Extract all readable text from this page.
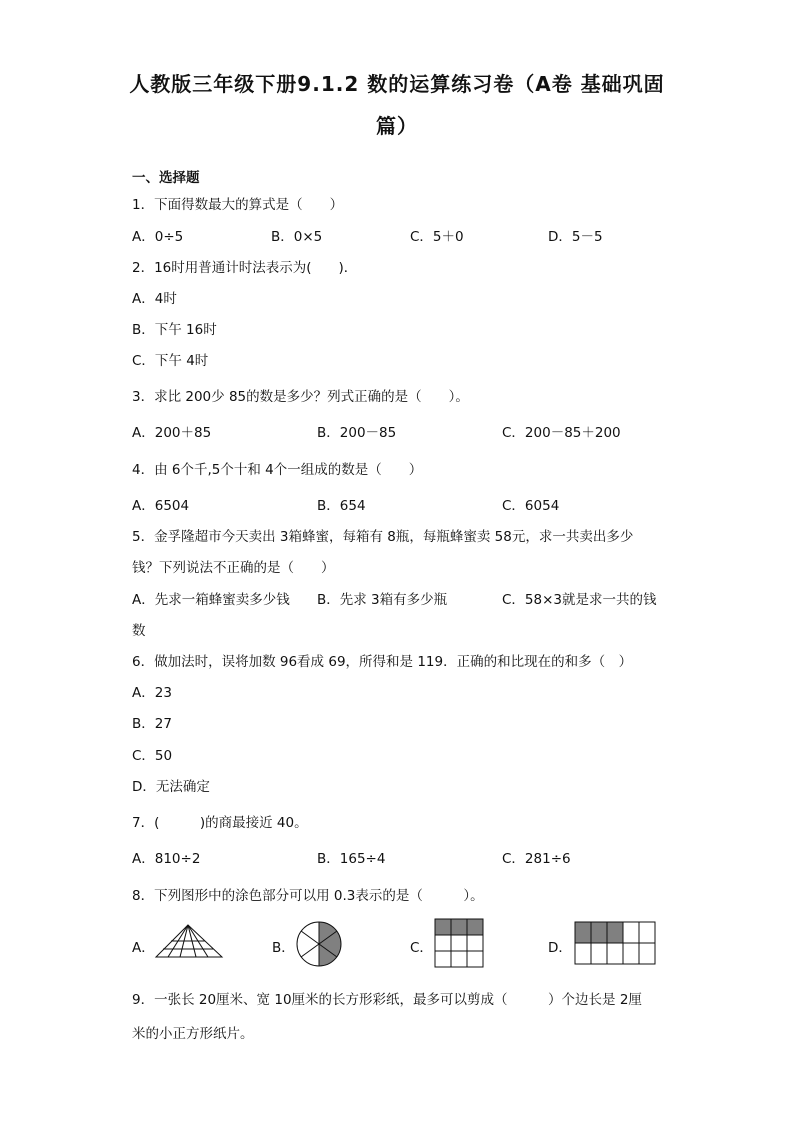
人教版三年级下册9.1.2 数的运算练习卷（A卷 基础巩固
篇）
一、选择题
1．下面得数最大的算式是（　　）
A．0÷5	B．0×5	C．5＋0	D．5－5
2．16时用普通计时法表示为(　　)．
A．4时
B．下午 16时
C．下午 4时
3．求比 200少 85的数是多少？列式正确的是（　　）。
A．200＋85	B．200－85	C．200－85＋200
4．由 6个千,5个十和 4个一组成的数是（　　）
A．6504	B．654	C．6054
5．金孚隆超市今天卖出 3箱蜂蜜，每箱有 8瓶，每瓶蜂蜜卖 58元，求一共卖出多少
钱？下列说法不正确的是（　　）
A．先求一箱蜂蜜卖多少钱 B．先求 3箱有多少瓶	C．58×3就是求一共的钱
数
6．做加法时，误将加数 96看成 69，所得和是 119．正确的和比现在的和多（　）
A．23
B．27
C．50
D．无法确定
7．(　　　)的商最接近 40。
A．810÷2	B．165÷4	C．281÷6
8．下列图形中的涂色部分可以用 0.3表示的是（　　　）。
A．	B．	C．	D．
9．一张长 20厘米、宽 10厘米的长方形彩纸，最多可以剪成（　　　）个边长是 2厘
米的小正方形纸片。
